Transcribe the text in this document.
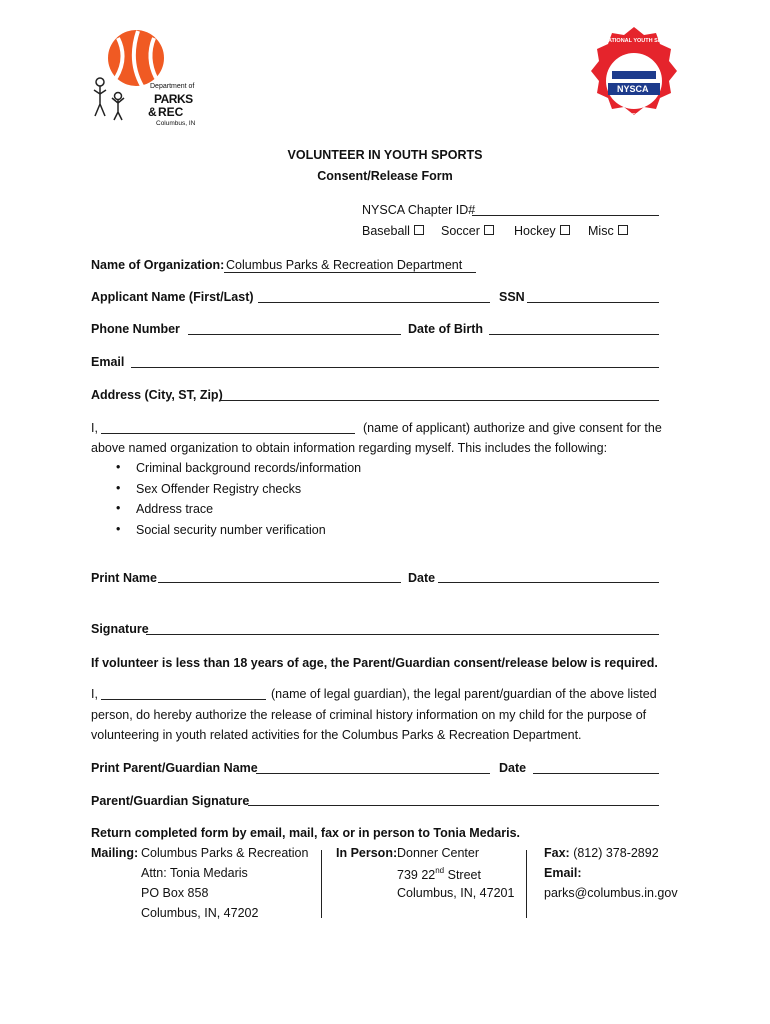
Department of
PARKS
& REC
Columbus, IN
NYSCA
NATIONAL YOUTH SPORTS
COACHES ASSOCIATION
VOLUNTEER IN YOUTH SPORTS
Consent/Release Form
NYSCA Chapter ID#
Baseball	Soccer	Hockey	Misc
Name of Organization: Columbus Parks & Recreation Department
Applicant Name (First/Last)	SSN
Phone Number	Date of Birth
Email
Address (City, ST, Zip)
I,	(name of applicant) authorize and give consent for the
above named organization to obtain information regarding myself. This includes the following:
• Criminal background records/information
• Sex Offender Registry checks
• Address trace
• Social security number verification
Print Name	Date
Signature
If volunteer is less than 18 years of age, the Parent/Guardian consent/release below is required.
I,	(name of legal guardian), the legal parent/guardian of the above listed
person, do hereby authorize the release of criminal history information on my child for the purpose of
volunteering in youth related activities for the Columbus Parks & Recreation Department.
Print Parent/Guardian Name	Date
Parent/Guardian Signature
Return completed form by email, mail, fax or in person to Tonia Medaris.
Mailing: Columbus Parks & Recreation
Attn: Tonia Medaris
PO Box 858
Columbus, IN, 47202
In Person: Donner Center
739 22nd Street
Columbus, IN, 47201
Fax: (812) 378-2892
Email:
parks@columbus.in.gov
